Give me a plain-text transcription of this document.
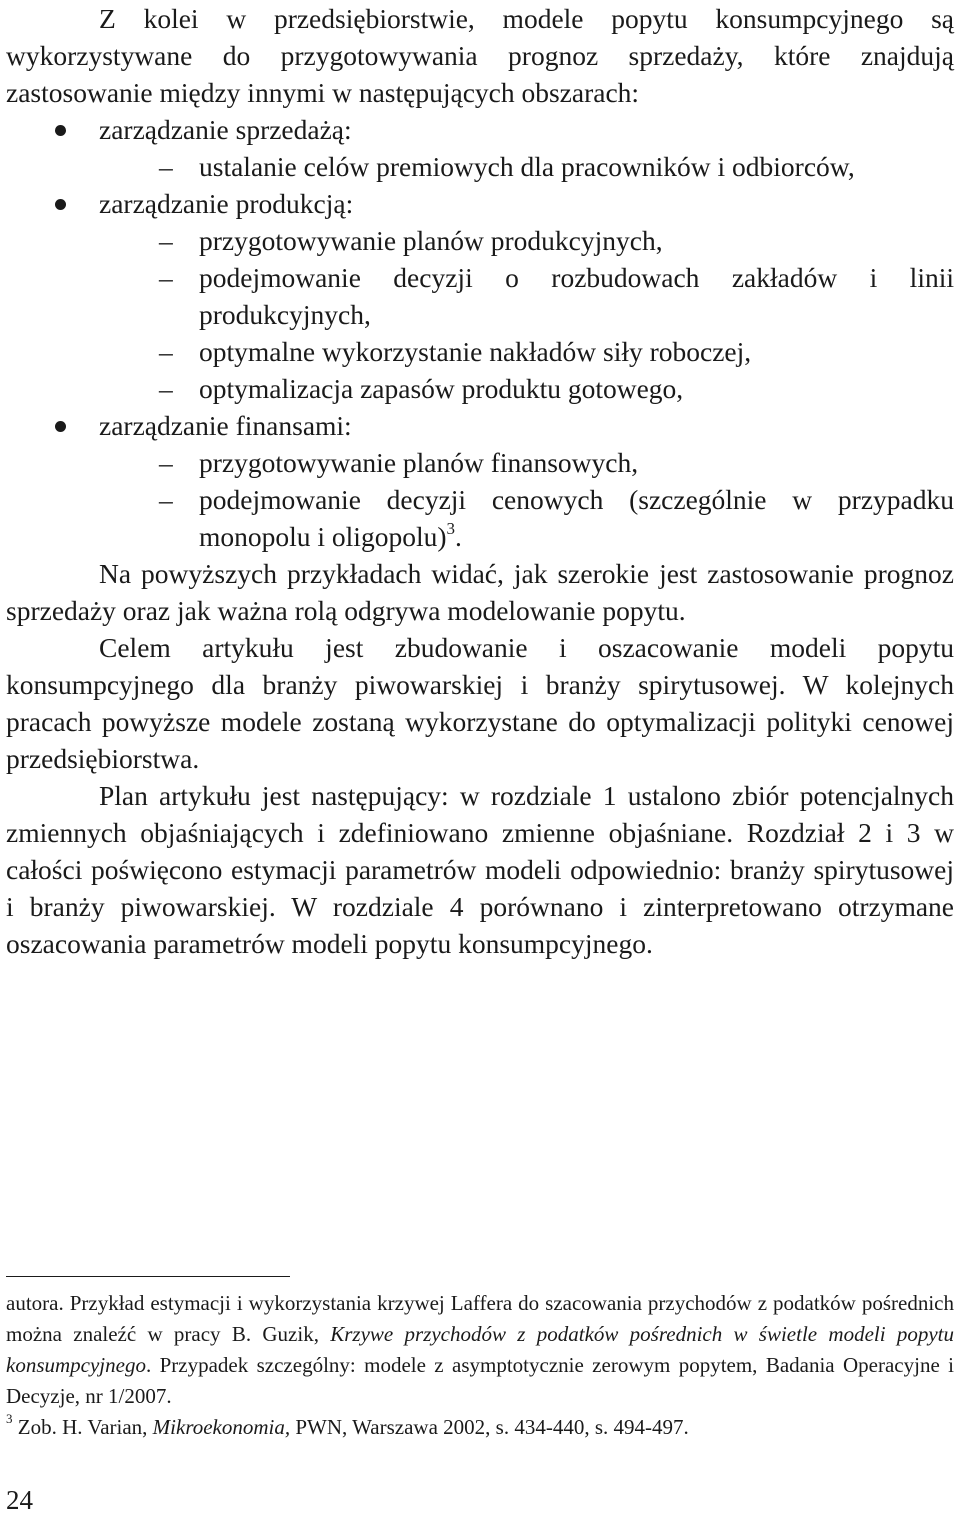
Z kolei w przedsiębiorstwie, modele popytu konsumpcyjnego są wykorzystywane do przygotowywania prognoz sprzedaży, które znajdują zastosowanie między innymi w następujących obszarach:

zarządzanie sprzedażą:

– ustalanie celów premiowych dla pracowników i odbiorców,

zarządzanie produkcją:

– przygotowywanie planów produkcyjnych,

– podejmowanie decyzji o rozbudowach zakładów i linii produkcyjnych,

– optymalne wykorzystanie nakładów siły roboczej,

– optymalizacja zapasów produktu gotowego,

zarządzanie finansami:

– przygotowywanie planów finansowych,

– podejmowanie decyzji cenowych (szczególnie w przypadku monopolu i oligopolu)$^3$.

Na powyższych przykładach widać, jak szerokie jest zastosowanie prognoz sprzedaży oraz jak ważna rolą odgrywa modelowanie popytu.

Celem artykułu jest zbudowanie i oszacowanie modeli popytu konsumpcyjnego dla branży piwowarskiej i branży spirytusowej. W kolejnych pracach powyższe modele zostaną wykorzystane do optymalizacji polityki cenowej przedsiębiorstwa.

Plan artykułu jest następujący: w rozdziale 1 ustalono zbiór potencjalnych zmiennych objaśniających i zdefiniowano zmienne objaśniane. Rozdział 2 i 3 w całości poświęcono estymacji parametrów modeli odpowiednio: branży spirytusowej i branży piwowarskiej. W rozdziale 4 porównano i zinterpretowano otrzymane oszacowania parametrów modeli popytu konsumpcyjnego.

autora. Przykład estymacji i wykorzystania krzywej Laffera do szacowania przychodów z podatków pośrednich można znaleźć w pracy B. Guzik, Krzywe przychodów z podatków pośrednich w świetle modeli popytu konsumpcyjnego. Przypadek szczególny: modele z asymptotycznie zerowym popytem, Badania Operacyjne i Decyzje, nr 1/2007.

$^3$ Zob. H. Varian, Mikroekonomia, PWN, Warszawa 2002, s. 434-440, s. 494-497.

24
